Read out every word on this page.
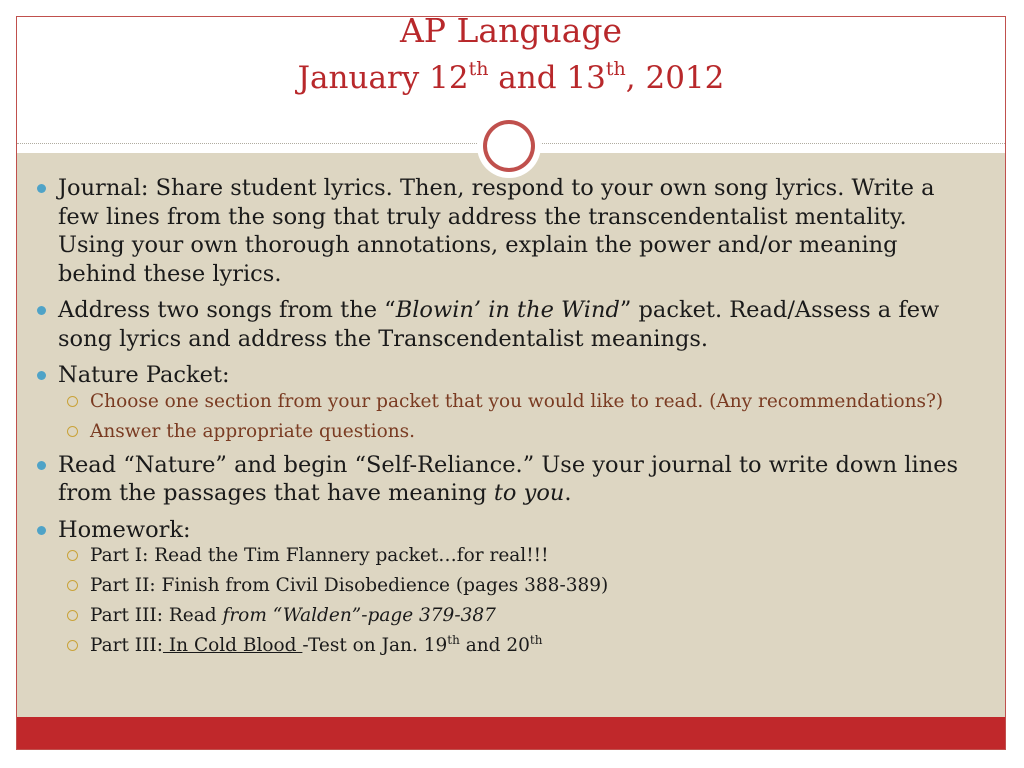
AP Language
January 12th and 13th, 2012
Journal: Share student lyrics. Then, respond to your own song lyrics. Write a few lines from the song that truly address the transcendentalist mentality. Using your own thorough annotations, explain the power and/or meaning behind these lyrics.
Address two songs from the “Blowin’ in the Wind” packet. Read/Assess a few song lyrics and address the Transcendentalist meanings.
Nature Packet:
Choose one section from your packet that you would like to read. (Any recommendations?)
Answer the appropriate questions.
Read “Nature” and begin “Self-Reliance.” Use your journal to write down lines from the passages that have meaning to you.
Homework:
Part I: Read the Tim Flannery packet…for real!!!
Part II: Finish from Civil Disobedience (pages 388-389)
Part III: Read from “Walden”-page 379-387
Part III: In Cold Blood -Test on Jan. 19th and 20th
